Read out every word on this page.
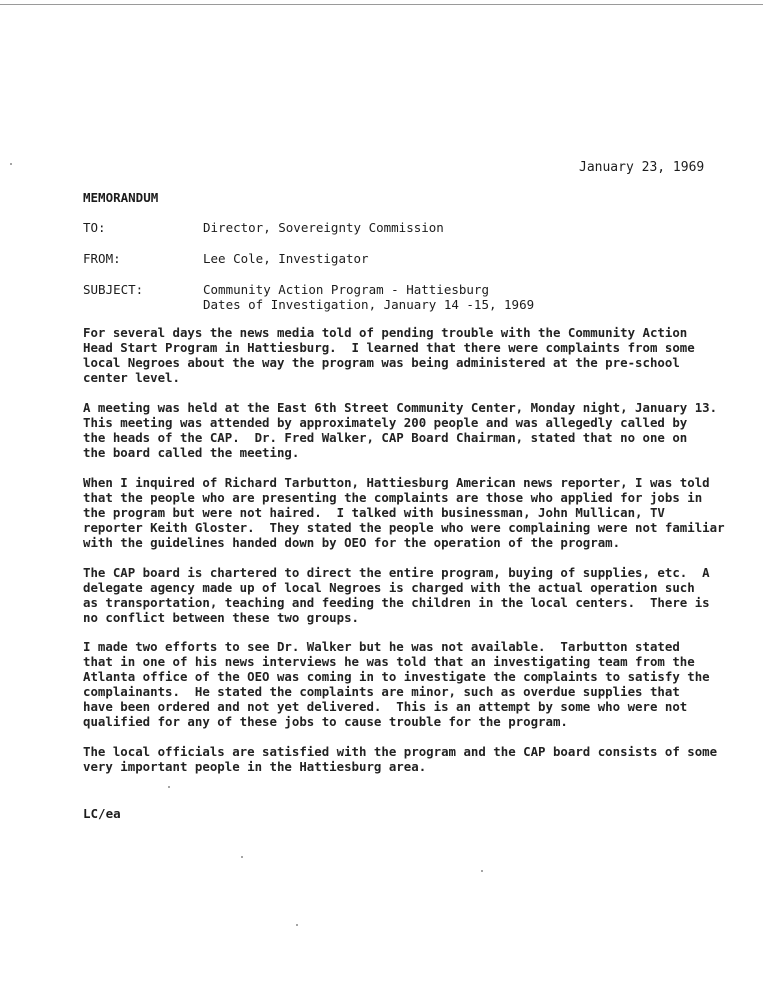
January 23, 1969
MEMORANDUM
TO:	Director, Sovereignty Commission
FROM:	Lee Cole, Investigator
SUBJECT:	Community Action Program - Hattiesburg
Dates of Investigation, January 14 -15, 1969

For several days the news media told of pending trouble with the Community Action
Head Start Program in Hattiesburg.  I learned that there were complaints from some
local Negroes about the way the program was being administered at the pre-school
center level.

A meeting was held at the East 6th Street Community Center, Monday night, January 13.
This meeting was attended by approximately 200 people and was allegedly called by
the heads of the CAP.  Dr. Fred Walker, CAP Board Chairman, stated that no one on
the board called the meeting.

When I inquired of Richard Tarbutton, Hattiesburg American news reporter, I was told
that the people who are presenting the complaints are those who applied for jobs in
the program but were not haired.  I talked with businessman, John Mullican, TV
reporter Keith Gloster.  They stated the people who were complaining were not familiar
with the guidelines handed down by OEO for the operation of the program.

The CAP board is chartered to direct the entire program, buying of supplies, etc.  A
delegate agency made up of local Negroes is charged with the actual operation such
as transportation, teaching and feeding the children in the local centers.  There is
no conflict between these two groups.

I made two efforts to see Dr. Walker but he was not available.  Tarbutton stated
that in one of his news interviews he was told that an investigating team from the
Atlanta office of the OEO was coming in to investigate the complaints to satisfy the
complainants.  He stated the complaints are minor, such as overdue supplies that
have been ordered and not yet delivered.  This is an attempt by some who were not
qualified for any of these jobs to cause trouble for the program.

The local officials are satisfied with the program and the CAP board consists of some
very important people in the Hattiesburg area.

LC/ea
